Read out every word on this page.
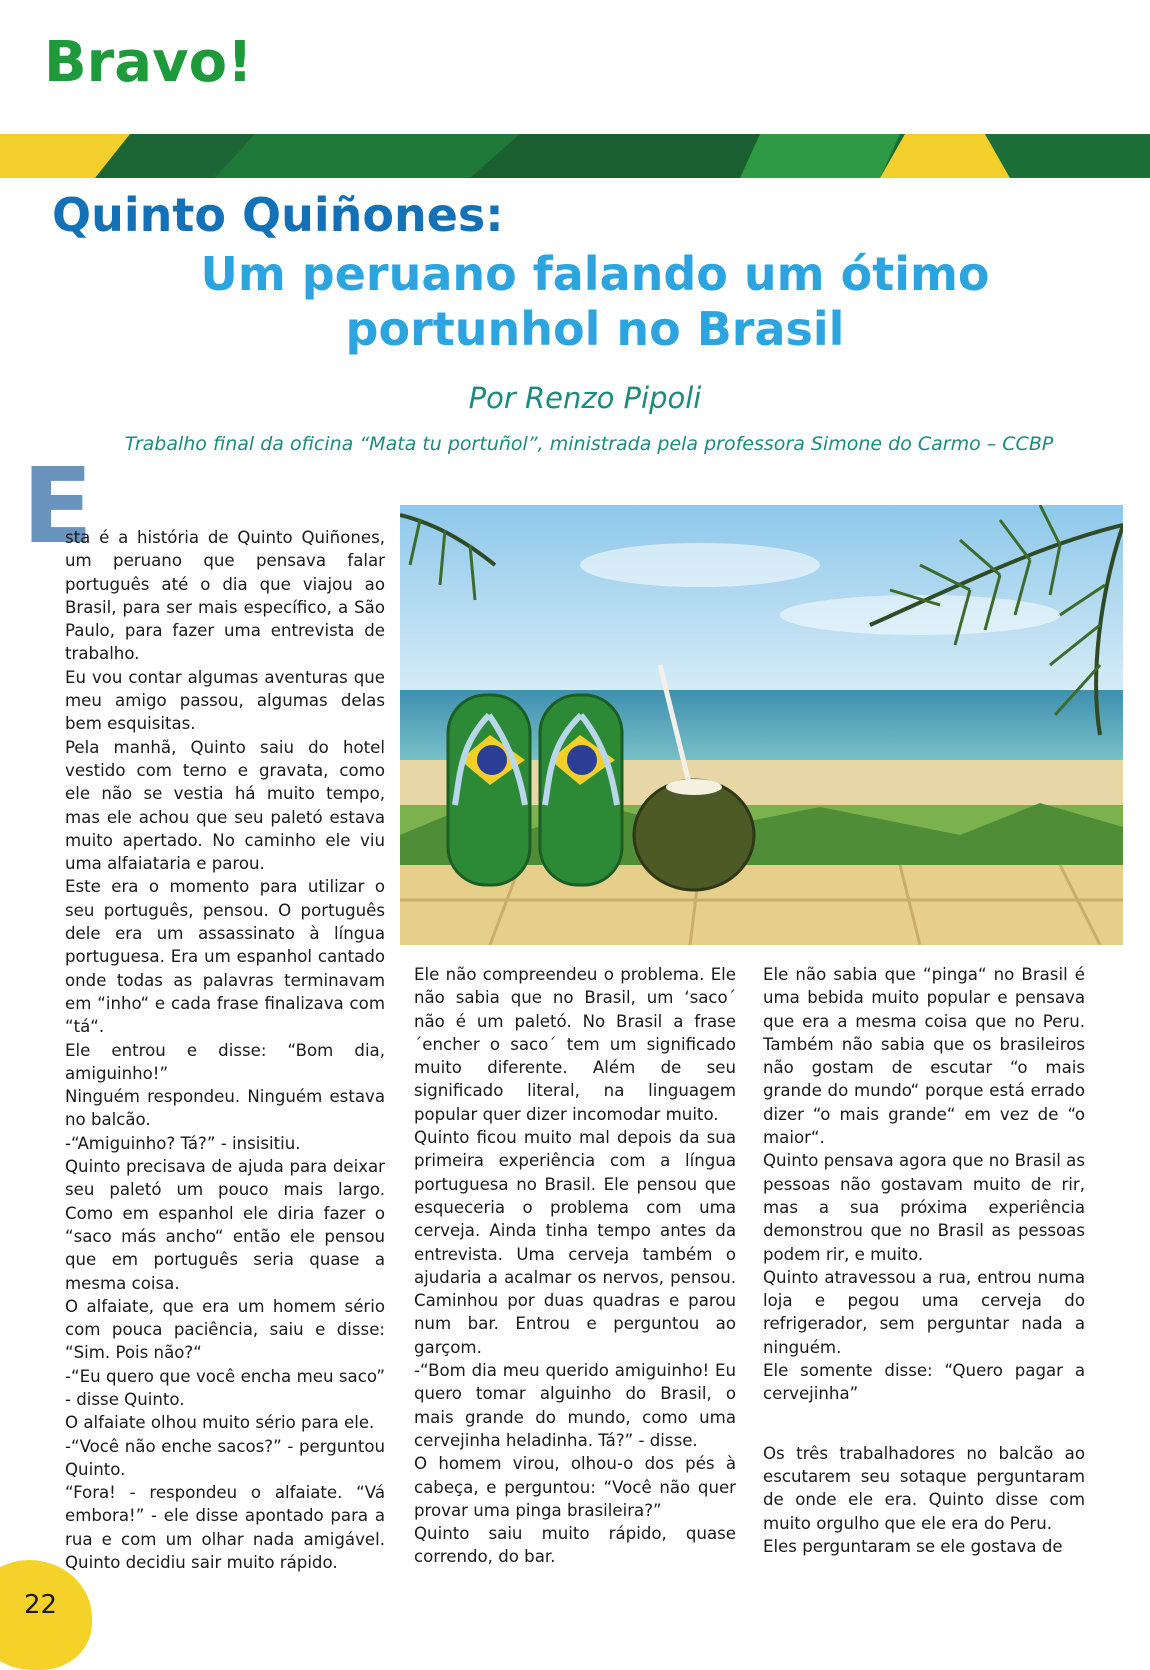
Bravo!
Quinto Quiñones:
Um peruano falando um ótimo
portunhol no Brasil

Por Renzo Pipoli

Trabalho final da oficina “Mata tu portuñol”, ministrada pela professora Simone do Carmo – CCBP

E

sta é a história de Quinto Quiñones, um peruano que pensava falar português até o dia que viajou ao Brasil, para ser mais específico, a São Paulo, para fazer uma entrevista de trabalho.

Eu vou contar algumas aventuras que meu amigo passou, algumas delas bem esquisitas.

Pela manhã, Quinto saiu do hotel vestido com terno e gravata, como ele não se vestia há muito tempo, mas ele achou que seu paletó estava muito apertado. No caminho ele viu uma alfaiataria e parou.

Este era o momento para utilizar o seu português, pensou. O português dele era um assassinato à língua portuguesa. Era um espanhol cantado onde todas as palavras terminavam em “inho“ e cada frase finalizava com “tá“.

Ele entrou e disse: “Bom dia, amiguinho!”

Ninguém respondeu. Ninguém estava no balcão.

-“Amiguinho? Tá?” - insisitiu.

Quinto precisava de ajuda para deixar seu paletó um pouco mais largo. Como em espanhol ele diria fazer o “saco más ancho“ então ele pensou que em português seria quase a mesma coisa.

O alfaiate, que era um homem sério com pouca paciência, saiu e disse: “Sim. Pois não?“

-“Eu quero que você encha meu saco” - disse Quinto.

O alfaiate olhou muito sério para ele.

-“Você não enche sacos?” - perguntou Quinto.

“Fora! - respondeu o alfaiate. “Vá embora!” - ele disse apontado para a rua e com um olhar nada amigável. Quinto decidiu sair muito rápido.

Ele não compreendeu o problema. Ele não sabia que no Brasil, um ‘saco´ não é um paletó. No Brasil a frase ´encher o saco´ tem um significado muito diferente. Além de seu significado literal, na linguagem popular quer dizer incomodar muito.

Quinto ficou muito mal depois da sua primeira experiência com a língua portuguesa no Brasil. Ele pensou que esqueceria o problema com uma cerveja. Ainda tinha tempo antes da entrevista. Uma cerveja também o ajudaria a acalmar os nervos, pensou. Caminhou por duas quadras e parou num bar. Entrou e perguntou ao garçom.

-“Bom dia meu querido amiguinho! Eu quero tomar alguinho do Brasil, o mais grande do mundo, como uma cervejinha heladinha. Tá?” - disse.

O homem virou, olhou-o dos pés à cabeça, e perguntou: “Você não quer provar uma pinga brasileira?”

Quinto saiu muito rápido, quase correndo, do bar.

Ele não sabia que “pinga“ no Brasil é uma bebida muito popular e pensava que era a mesma coisa que no Peru. Também não sabia que os brasileiros não gostam de escutar “o mais grande do mundo“ porque está errado dizer “o mais grande“ em vez de “o maior“.

Quinto pensava agora que no Brasil as pessoas não gostavam muito de rir, mas a sua próxima experiência demonstrou que no Brasil as pessoas podem rir, e muito.

Quinto atravessou a rua, entrou numa loja e pegou uma cerveja do refrigerador, sem perguntar nada a ninguém.

Ele somente disse: “Quero pagar a cervejinha”

Os três trabalhadores no balcão ao escutarem seu sotaque perguntaram de onde ele era. Quinto disse com muito orgulho que ele era do Peru.

Eles perguntaram se ele gostava de

22
